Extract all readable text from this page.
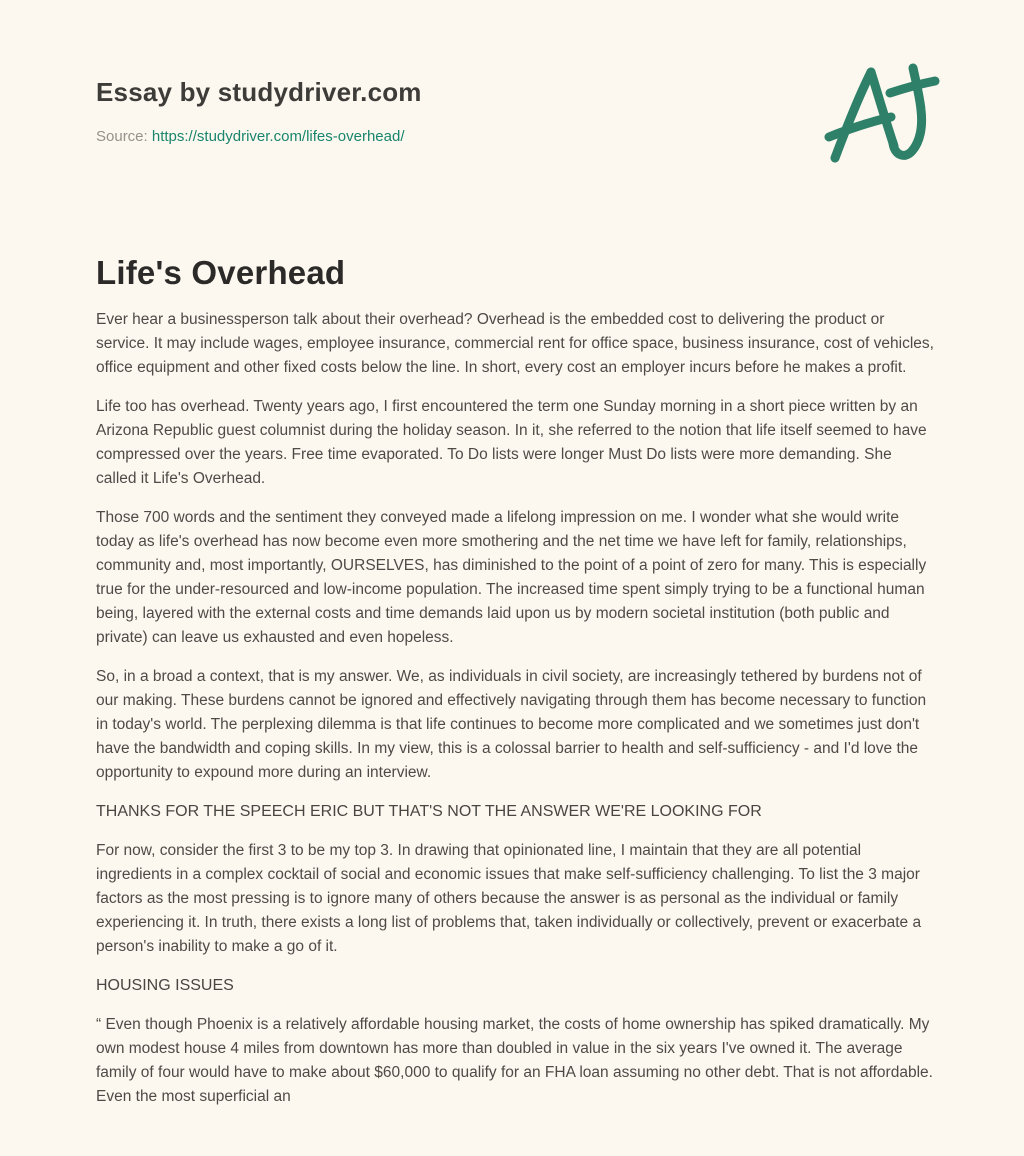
Essay by studydriver.com
Source: https://studydriver.com/lifes-overhead/
Life's Overhead

Ever hear a businessperson talk about their overhead? Overhead is the embedded cost to delivering the product or service. It may include wages, employee insurance, commercial rent for office space, business insurance, cost of vehicles, office equipment and other fixed costs below the line. In short, every cost an employer incurs before he makes a profit.

Life too has overhead. Twenty years ago, I first encountered the term one Sunday morning in a short piece written by an Arizona Republic guest columnist during the holiday season. In it, she referred to the notion that life itself seemed to have compressed over the years. Free time evaporated. To Do lists were longer Must Do lists were more demanding. She called it Life's Overhead.

Those 700 words and the sentiment they conveyed made a lifelong impression on me. I wonder what she would write today as life's overhead has now become even more smothering and the net time we have left for family, relationships, community and, most importantly, OURSELVES, has diminished to the point of a point of zero for many. This is especially true for the under-resourced and low-income population. The increased time spent simply trying to be a functional human being, layered with the external costs and time demands laid upon us by modern societal institution (both public and private) can leave us exhausted and even hopeless.

So, in a broad a context, that is my answer. We, as individuals in civil society, are increasingly tethered by burdens not of our making. These burdens cannot be ignored and effectively navigating through them has become necessary to function in today's world. The perplexing dilemma is that life continues to become more complicated and we sometimes just don't have the bandwidth and coping skills. In my view, this is a colossal barrier to health and self-sufficiency - and I'd love the opportunity to expound more during an interview.

THANKS FOR THE SPEECH ERIC BUT THAT'S NOT THE ANSWER WE'RE LOOKING FOR

For now, consider the first 3 to be my top 3. In drawing that opinionated line, I maintain that they are all potential ingredients in a complex cocktail of social and economic issues that make self-sufficiency challenging. To list the 3 major factors as the most pressing is to ignore many of others because the answer is as personal as the individual or family experiencing it. In truth, there exists a long list of problems that, taken individually or collectively, prevent or exacerbate a person's inability to make a go of it.

HOUSING ISSUES

“ Even though Phoenix is a relatively affordable housing market, the costs of home ownership has spiked dramatically. My own modest house 4 miles from downtown has more than doubled in value in the six years I've owned it. The average family of four would have to make about $60,000 to qualify for an FHA loan assuming no other debt. That is not affordable. Even the most superficial an
